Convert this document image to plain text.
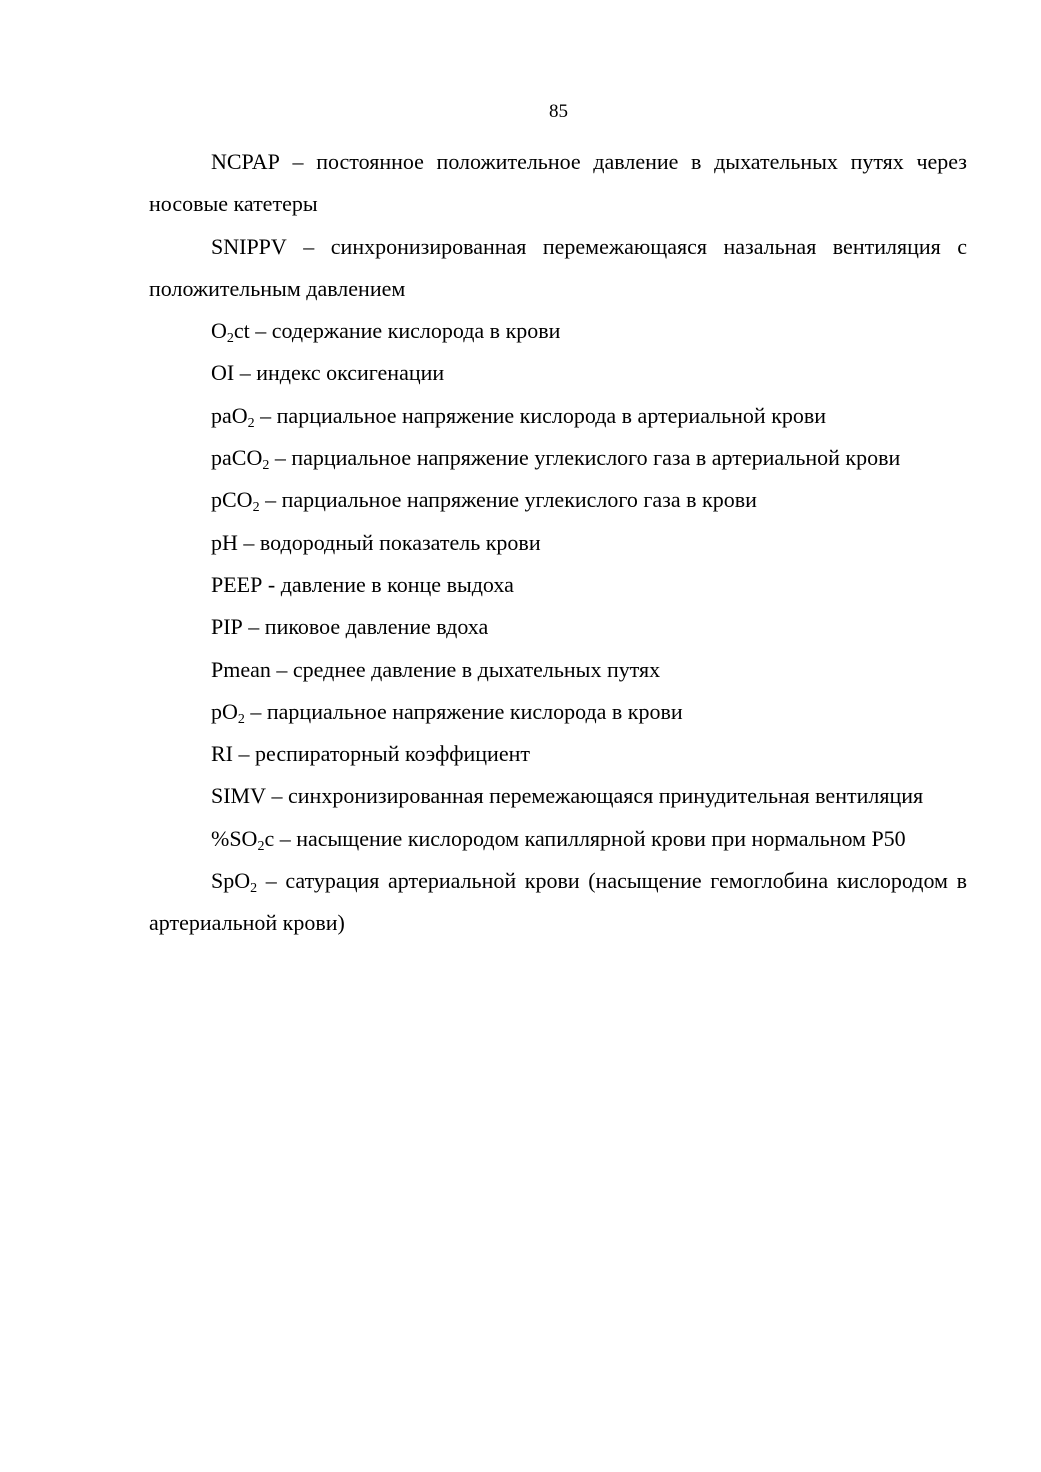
85

NCPAP – постоянное положительное давление в дыхательных путях через носовые катетеры

SNIPPV – синхронизированная перемежающаяся назальная вентиляция с положительным давлением

$O_2ct$ – содержание кислорода в крови

OI – индекс оксигенации

paO$_2$ – парциальное напряжение кислорода в артериальной крови

paCO$_2$ – парциальное напряжение углекислого газа в артериальной крови

pCO$_2$ – парциальное напряжение углекислого газа в крови

pH – водородный показатель крови

PEEP - давление в конце выдоха

PIP – пиковое давление вдоха

Pmean – среднее давление в дыхательных путях

$pO_2$ – парциальное напряжение кислорода в крови

RI – респираторный коэффициент

SIMV – синхронизированная перемежающаяся принудительная вентиляция

$\%SO_2c$ – насыщение кислородом капиллярной крови при нормальном P50

SpO$_2$ – сатурация артериальной крови (насыщение гемоглобина кислородом в артериальной крови)
